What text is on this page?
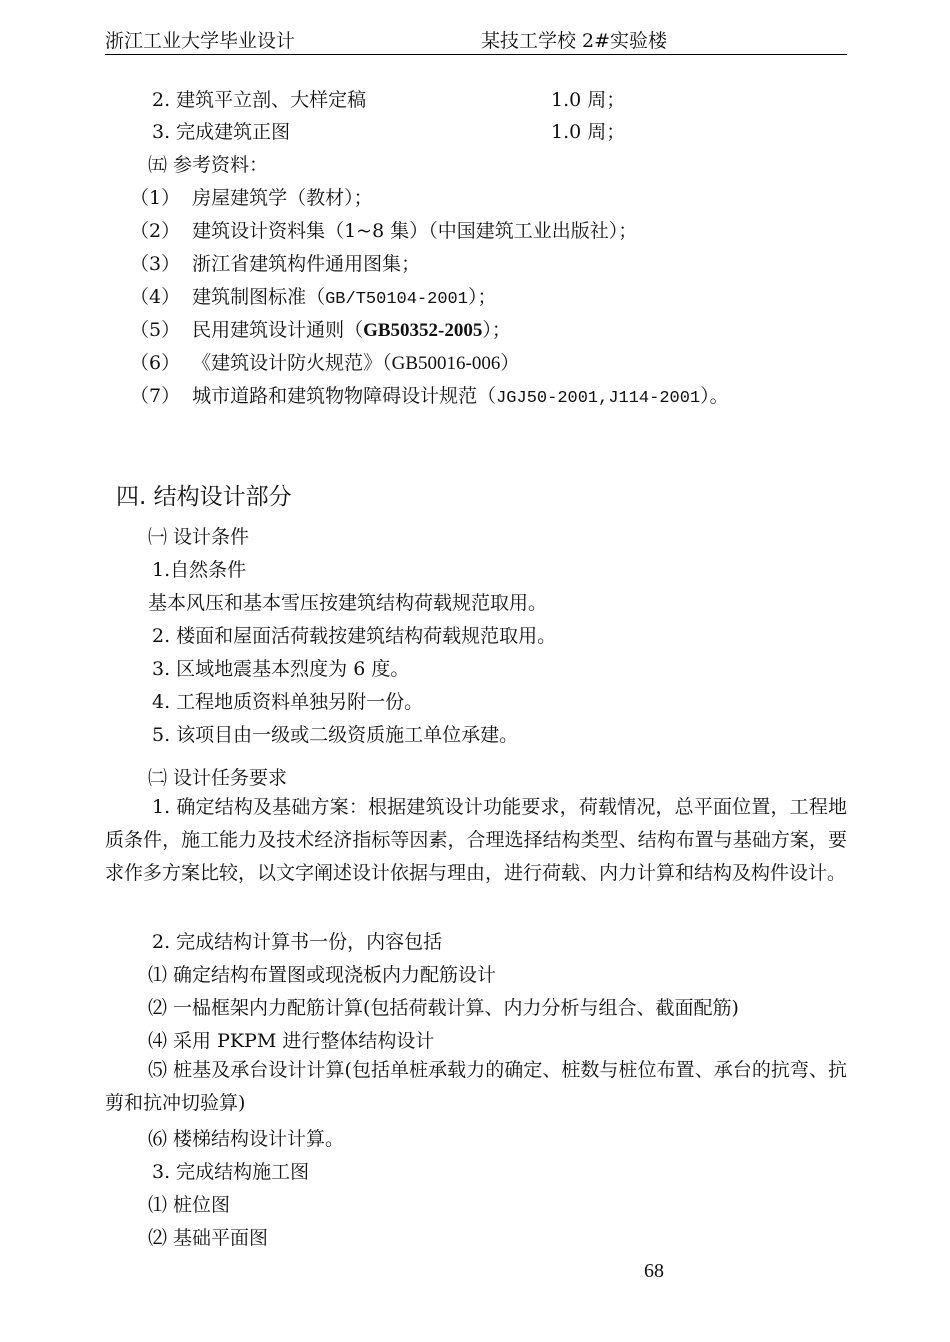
浙江工业大学毕业设计	某技工学校 2#实验楼
2. 建筑平立剖、大样定稿	1.0 周；
3. 完成建筑正图	1.0 周；
㈤ 参考资料：
（1） 房屋建筑学（教材）；
（2） 建筑设计资料集（1~8 集）（中国建筑工业出版社）；
（3） 浙江省建筑构件通用图集；
（4） 建筑制图标准（GB/T50104-2001）；
（5） 民用建筑设计通则（GB50352-2005）；
（6） 《建筑设计防火规范》（GB50016-006）
（7） 城市道路和建筑物物障碍设计规范（JGJ50-2001,J114-2001）。
四. 结构设计部分
㈠ 设计条件
1.自然条件
基本风压和基本雪压按建筑结构荷载规范取用。
2. 楼面和屋面活荷载按建筑结构荷载规范取用。
3. 区域地震基本烈度为 6 度。
4. 工程地质资料单独另附一份。
5. 该项目由一级或二级资质施工单位承建。
㈡ 设计任务要求
1. 确定结构及基础方案：根据建筑设计功能要求，荷载情况，总平面位置，工程地质条件，施工能力及技术经济指标等因素，合理选择结构类型、结构布置与基础方案，要求作多方案比较，以文字阐述设计依据与理由，进行荷载、内力计算和结构及构件设计。
2. 完成结构计算书一份，内容包括
⑴ 确定结构布置图或现浇板内力配筋设计
⑵ 一榀框架内力配筋计算(包括荷载计算、内力分析与组合、截面配筋)
⑷ 采用 PKPM 进行整体结构设计
⑸ 桩基及承台设计计算(包括单桩承载力的确定、桩数与桩位布置、承台的抗弯、抗剪和抗冲切验算)
⑹ 楼梯结构设计计算。
3. 完成结构施工图
⑴ 桩位图
⑵ 基础平面图
68
